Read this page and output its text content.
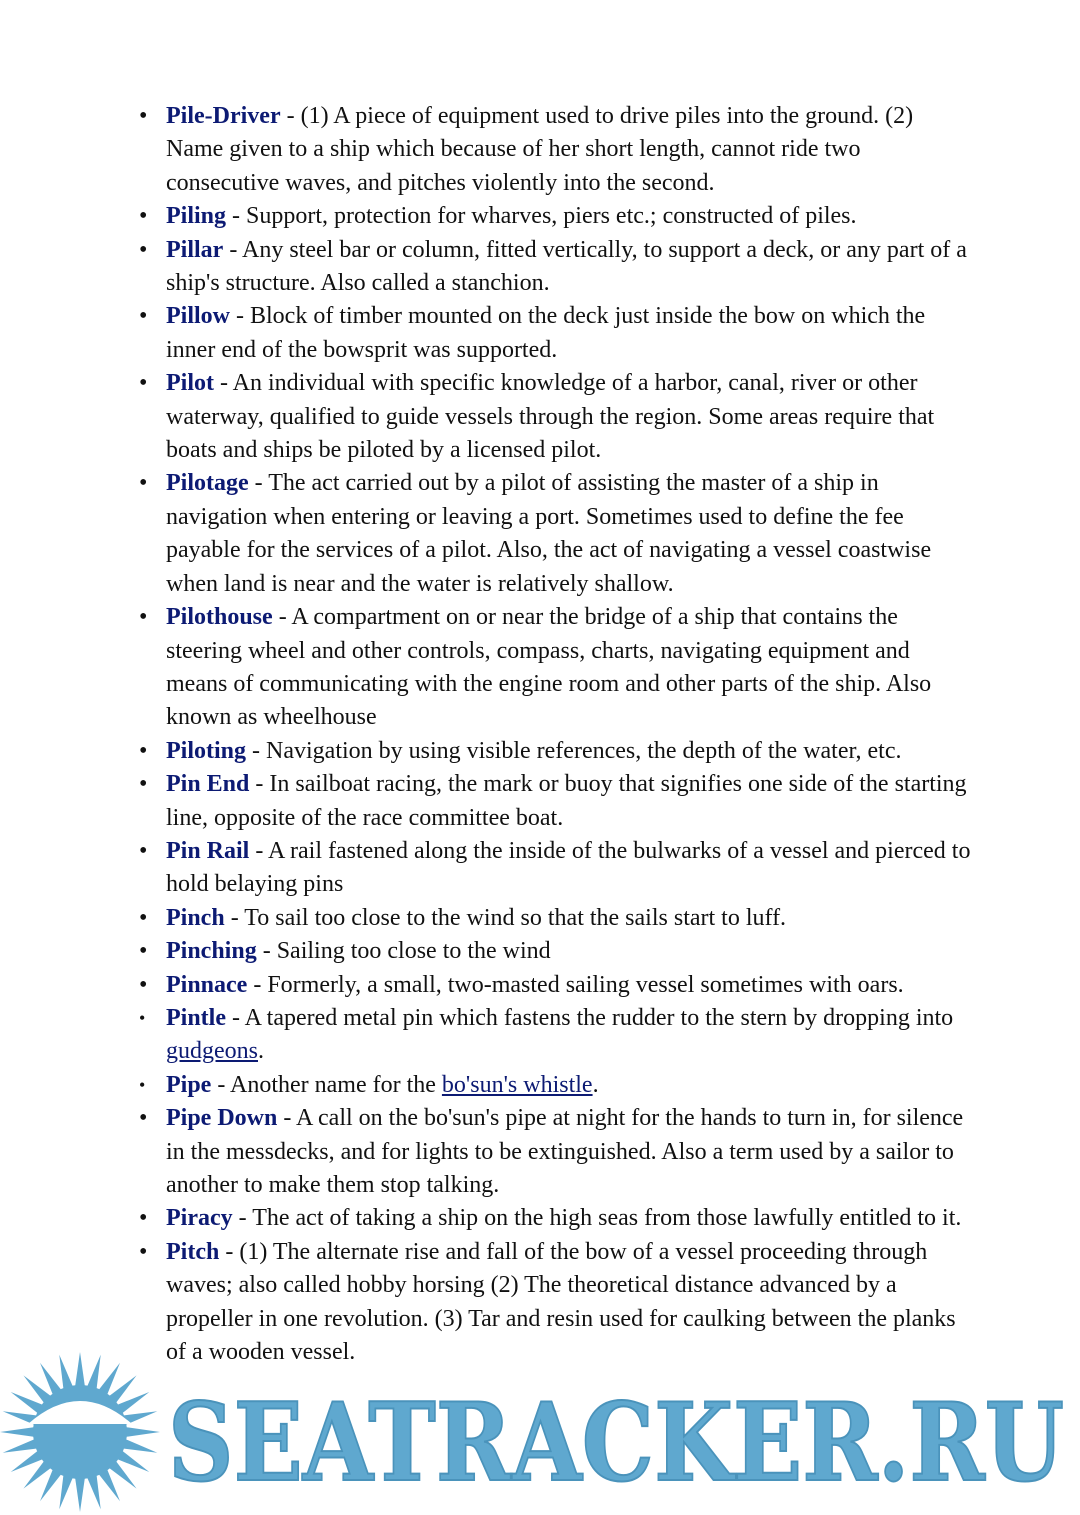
• Pile-Driver - (1) A piece of equipment used to drive piles into the ground. (2) Name given to a ship which because of her short length, cannot ride two consecutive waves, and pitches violently into the second.
• Piling - Support, protection for wharves, piers etc.; constructed of piles.
• Pillar - Any steel bar or column, fitted vertically, to support a deck, or any part of a ship's structure. Also called a stanchion.
• Pillow - Block of timber mounted on the deck just inside the bow on which the inner end of the bowsprit was supported.
• Pilot - An individual with specific knowledge of a harbor, canal, river or other waterway, qualified to guide vessels through the region. Some areas require that boats and ships be piloted by a licensed pilot.
• Pilotage - The act carried out by a pilot of assisting the master of a ship in navigation when entering or leaving a port. Sometimes used to define the fee payable for the services of a pilot. Also, the act of navigating a vessel coastwise when land is near and the water is relatively shallow.
• Pilothouse - A compartment on or near the bridge of a ship that contains the steering wheel and other controls, compass, charts, navigating equipment and means of communicating with the engine room and other parts of the ship. Also known as wheelhouse
• Piloting - Navigation by using visible references, the depth of the water, etc.
• Pin End - In sailboat racing, the mark or buoy that signifies one side of the starting line, opposite of the race committee boat.
• Pin Rail - A rail fastened along the inside of the bulwarks of a vessel and pierced to hold belaying pins
• Pinch - To sail too close to the wind so that the sails start to luff.
• Pinching - Sailing too close to the wind
• Pinnace - Formerly, a small, two-masted sailing vessel sometimes with oars.
• Pintle - A tapered metal pin which fastens the rudder to the stern by dropping into gudgeons.
• Pipe - Another name for the bo'sun's whistle.
• Pipe Down - A call on the bo'sun's pipe at night for the hands to turn in, for silence in the messdecks, and for lights to be extinguished. Also a term used by a sailor to another to make them stop talking.
• Piracy - The act of taking a ship on the high seas from those lawfully entitled to it.
• Pitch - (1) The alternate rise and fall of the bow of a vessel proceeding through waves; also called hobby horsing (2) The theoretical distance advanced by a propeller in one revolution. (3) Tar and resin used for caulking between the planks of a wooden vessel.
SEATRACKER.RU
